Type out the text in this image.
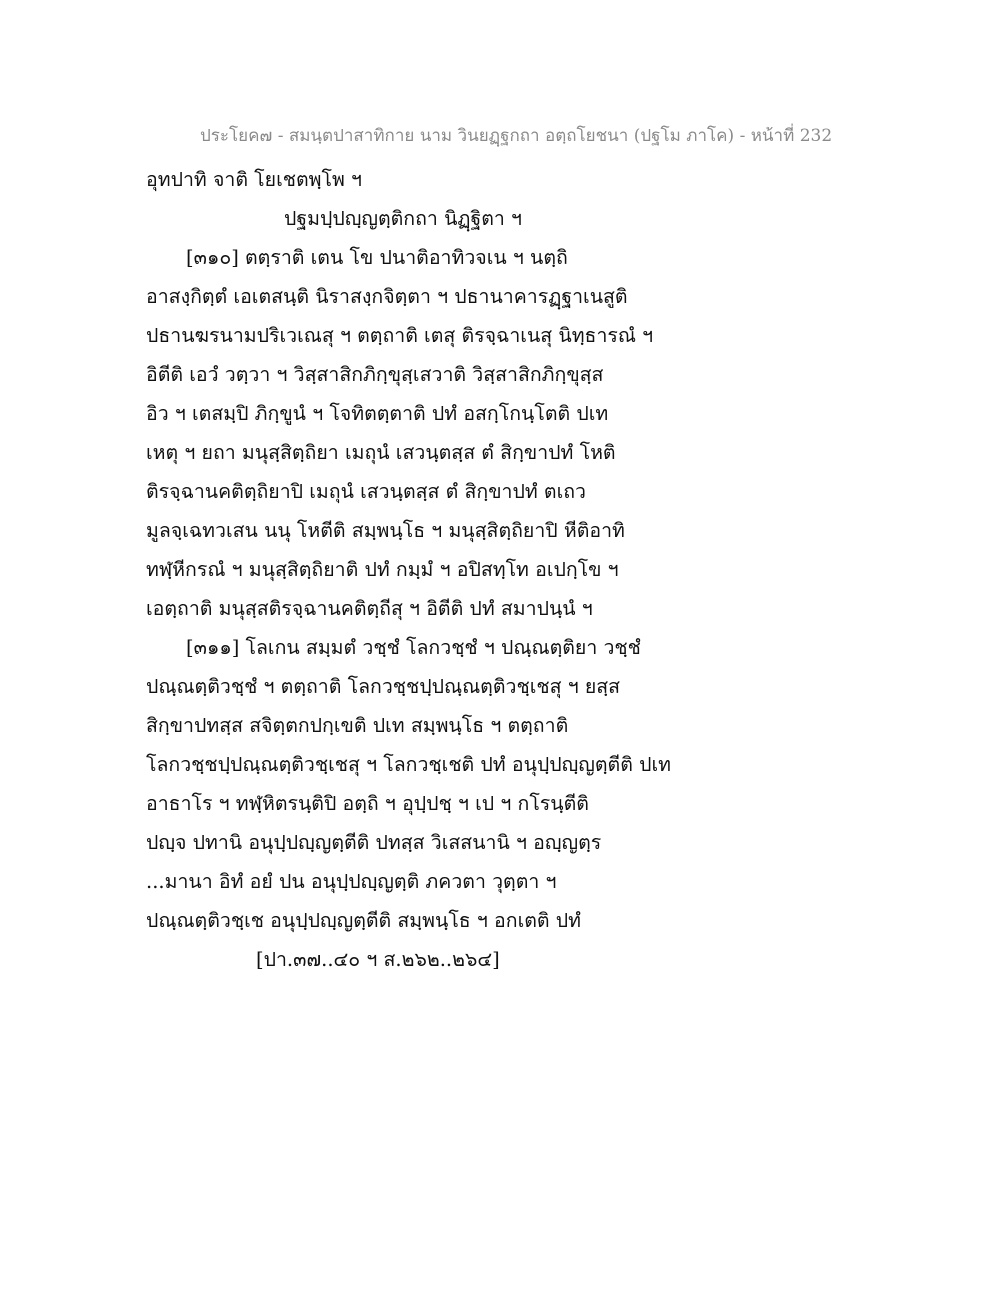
ประโยค๗ - สมนฺตปาสาทิกาย นาม วินยฏฺฐกถา อตฺถโยชนา (ปฐโม ภาโค) - หน้าที่ 232
อุทปาทิ จาติ โยเชตพฺโพ ฯ
ปฐมปฺปญฺญตฺติกถา นิฏฺฐิตา ฯ
[๓๑๐] ตตฺราติ เตน โข ปนาติอาทิวจเน ฯ นตฺถิ
อาสงฺกิตฺตํ เอเตสนฺติ นิราสงฺกจิตฺตา ฯ ปธานาคารฏฺฐาเนสูติ
ปธานฆรนามปริเวเณสุ ฯ ตตฺถาติ เตสุ ติรจฺฉาเนสุ นิทฺธารณํ ฯ
อิตีติ เอวํ วตฺวา ฯ วิสฺสาสิกภิกฺขุสฺเสวาติ วิสฺสาสิกภิกฺขุสฺส
อิว ฯ เตสมฺปิ ภิกฺขูนํ ฯ โจทิตตฺตาติ ปทํ อสกฺโกนฺโตติ ปเท
เหตุ ฯ ยถา มนุสฺสิตฺถิยา เมถุนํ เสวนฺตสฺส ตํ สิกฺขาปทํ โหติ
ติรจฺฉานคติตฺถิยาปิ เมถุนํ เสวนฺตสฺส ตํ สิกฺขาปทํ ตเถว
มูลจฺเฉทวเสน นนุ โหตีติ สมฺพนฺโธ ฯ มนุสฺสิตฺถิยาปิ หีติอาทิ
ทฬฺหีกรณํ ฯ มนุสฺสิตฺถิยาติ ปทํ กมฺมํ ฯ อปิสทฺโท อเปกฺโข ฯ
เอตฺถาติ มนุสฺสติรจฺฉานคติตฺถีสุ ฯ อิตีติ ปทํ สมาปนฺนํ ฯ
[๓๑๑] โลเกน สมฺมตํ วชฺชํ โลกวชฺชํ ฯ ปณฺณตฺติยา วชฺชํ
ปณฺณตฺติวชฺชํ ฯ ตตฺถาติ โลกวชฺชปฺปณฺณตฺติวชฺเชสุ ฯ ยสฺส
สิกฺขาปทสฺส สจิตฺตกปกฺเขติ ปเท สมฺพนฺโธ ฯ ตตฺถาติ
โลกวชฺชปฺปณฺณตฺติวชฺเชสุ ฯ โลกวชฺเชติ ปทํ อนุปฺปญฺญตฺตีติ ปเท
อาธาโร ฯ ทฬฺหิตรนฺติปิ อตฺถิ ฯ อุปฺปชฺ ฯ เป ฯ กโรนฺตีติ
ปญฺจ ปทานิ อนุปฺปญฺญตฺตีติ ปทสฺส วิเสสนานิ ฯ อญฺญตฺร
...มานา อิทํ อยํ ปน อนุปฺปญฺญตฺติ ภควตา วุตฺตา ฯ
ปณฺณตฺติวชฺเช อนุปฺปญฺญตฺตีติ สมฺพนฺโธ ฯ อกเตติ ปทํ
[ปา.๓๗..๔๐ ฯ ส.๒๖๒..๒๖๔]
